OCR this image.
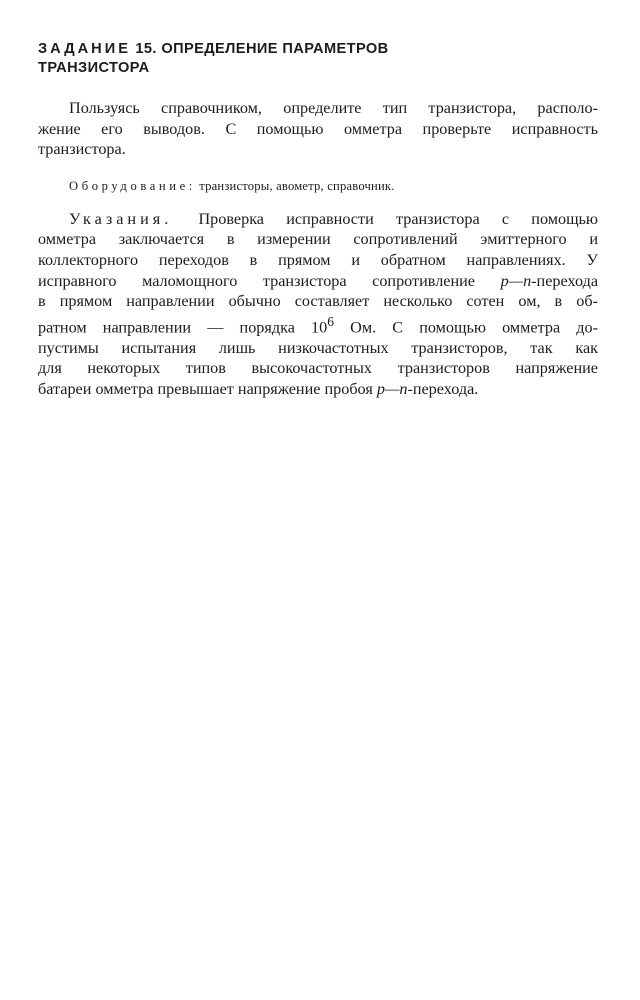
ЗАДАНИЕ 15. ОПРЕДЕЛЕНИЕ ПАРАМЕТРОВ
ТРАНЗИСТОРА
Пользуясь справочником, определите тип транзистора, располо-
жение его выводов. С помощью омметра проверьте исправность
транзистора.
Оборудование: транзисторы, авометр, справочник.
Указания. Проверка исправности транзистора с помощью
омметра заключается в измерении сопротивлений эмиттерного и
коллекторного переходов в прямом и обратном направлениях. У
исправного маломощного транзистора сопротивление p—n-перехода
в прямом направлении обычно составляет несколько сотен ом, в об-
ратном направлении — порядка $10^6$ Ом. С помощью омметра до-
пустимы испытания лишь низкочастотных транзисторов, так как
для некоторых типов высокочастотных транзисторов напряжение
батареи омметра превышает напряжение пробоя p—n-перехода.
